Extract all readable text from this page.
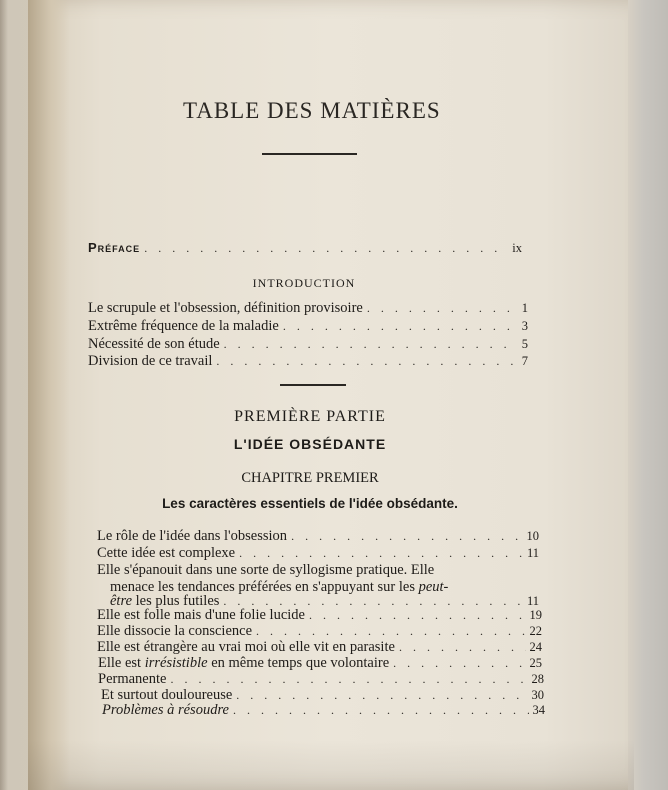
TABLE DES MATIÈRES
Préface . . .	ix
INTRODUCTION
Le scrupule et l'obsession, définition provisoire . . .	1
Extrême fréquence de la maladie . . .	3
Nécessité de son étude . . .	5
Division de ce travail . . .	7
PREMIÈRE PARTIE
L'IDÉE OBSÉDANTE
CHAPITRE PREMIER
Les caractères essentiels de l'idée obsédante.
Le rôle de l'idée dans l'obsession . . .	10
Cette idée est complexe . . .	11
Elle s'épanouit dans une sorte de syllogisme pratique. Elle
menace les tendances préférées en s'appuyant sur les peut-
être les plus futiles . . .	11
Elle est folle mais d'une folie lucide . . .	19
Elle dissocie la conscience . . .	22
Elle est étrangère au vrai moi où elle vit en parasite . . .	24
Elle est irrésistible en même temps que volontaire . . .	25
Permanente . . .	28
Et surtout douloureuse . . .	30
Problèmes à résoudre . . .	34
